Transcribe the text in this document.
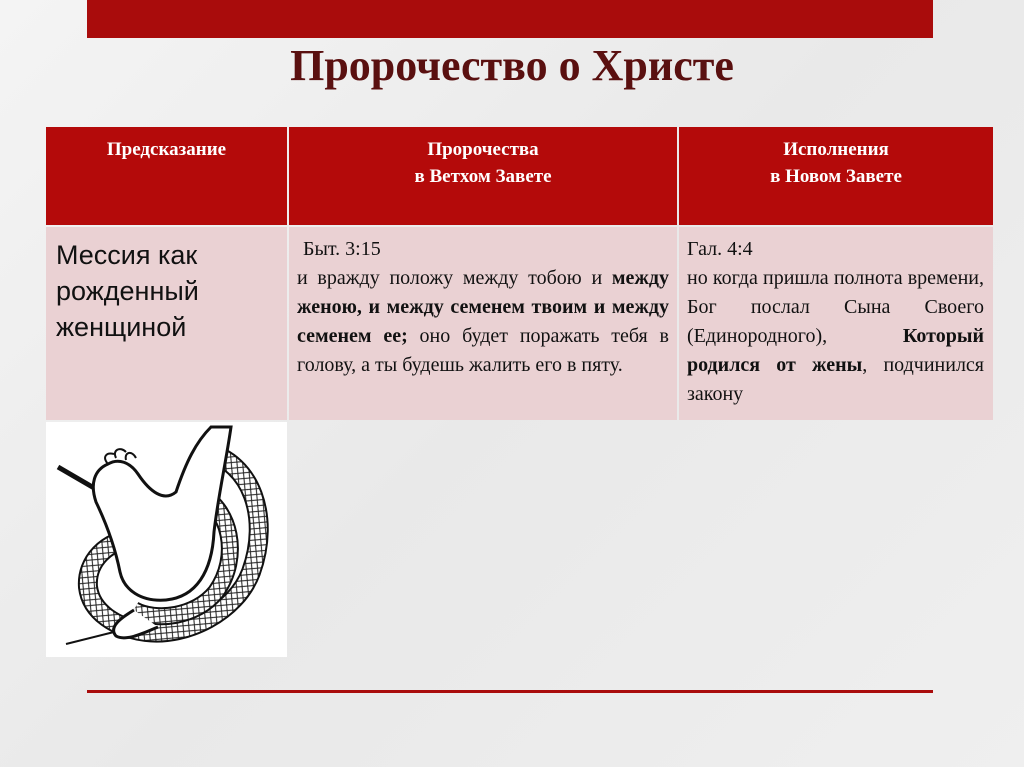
Пророчество о Христе
Предсказание	Пророчества
в Ветхом Завете
Исполнения
в Новом Завете
Мессия как рожденный женщиной
Быт. 3:15
и вражду положу между тобою и между женою, и между семенем твоим и между семенем ее; оно будет поражать тебя в голову, а ты будешь жалить его в пяту.
Гал. 4:4
но когда пришла полнота времени, Бог послал Сына Своего (Единородного), Который родился от жены, подчинился закону
